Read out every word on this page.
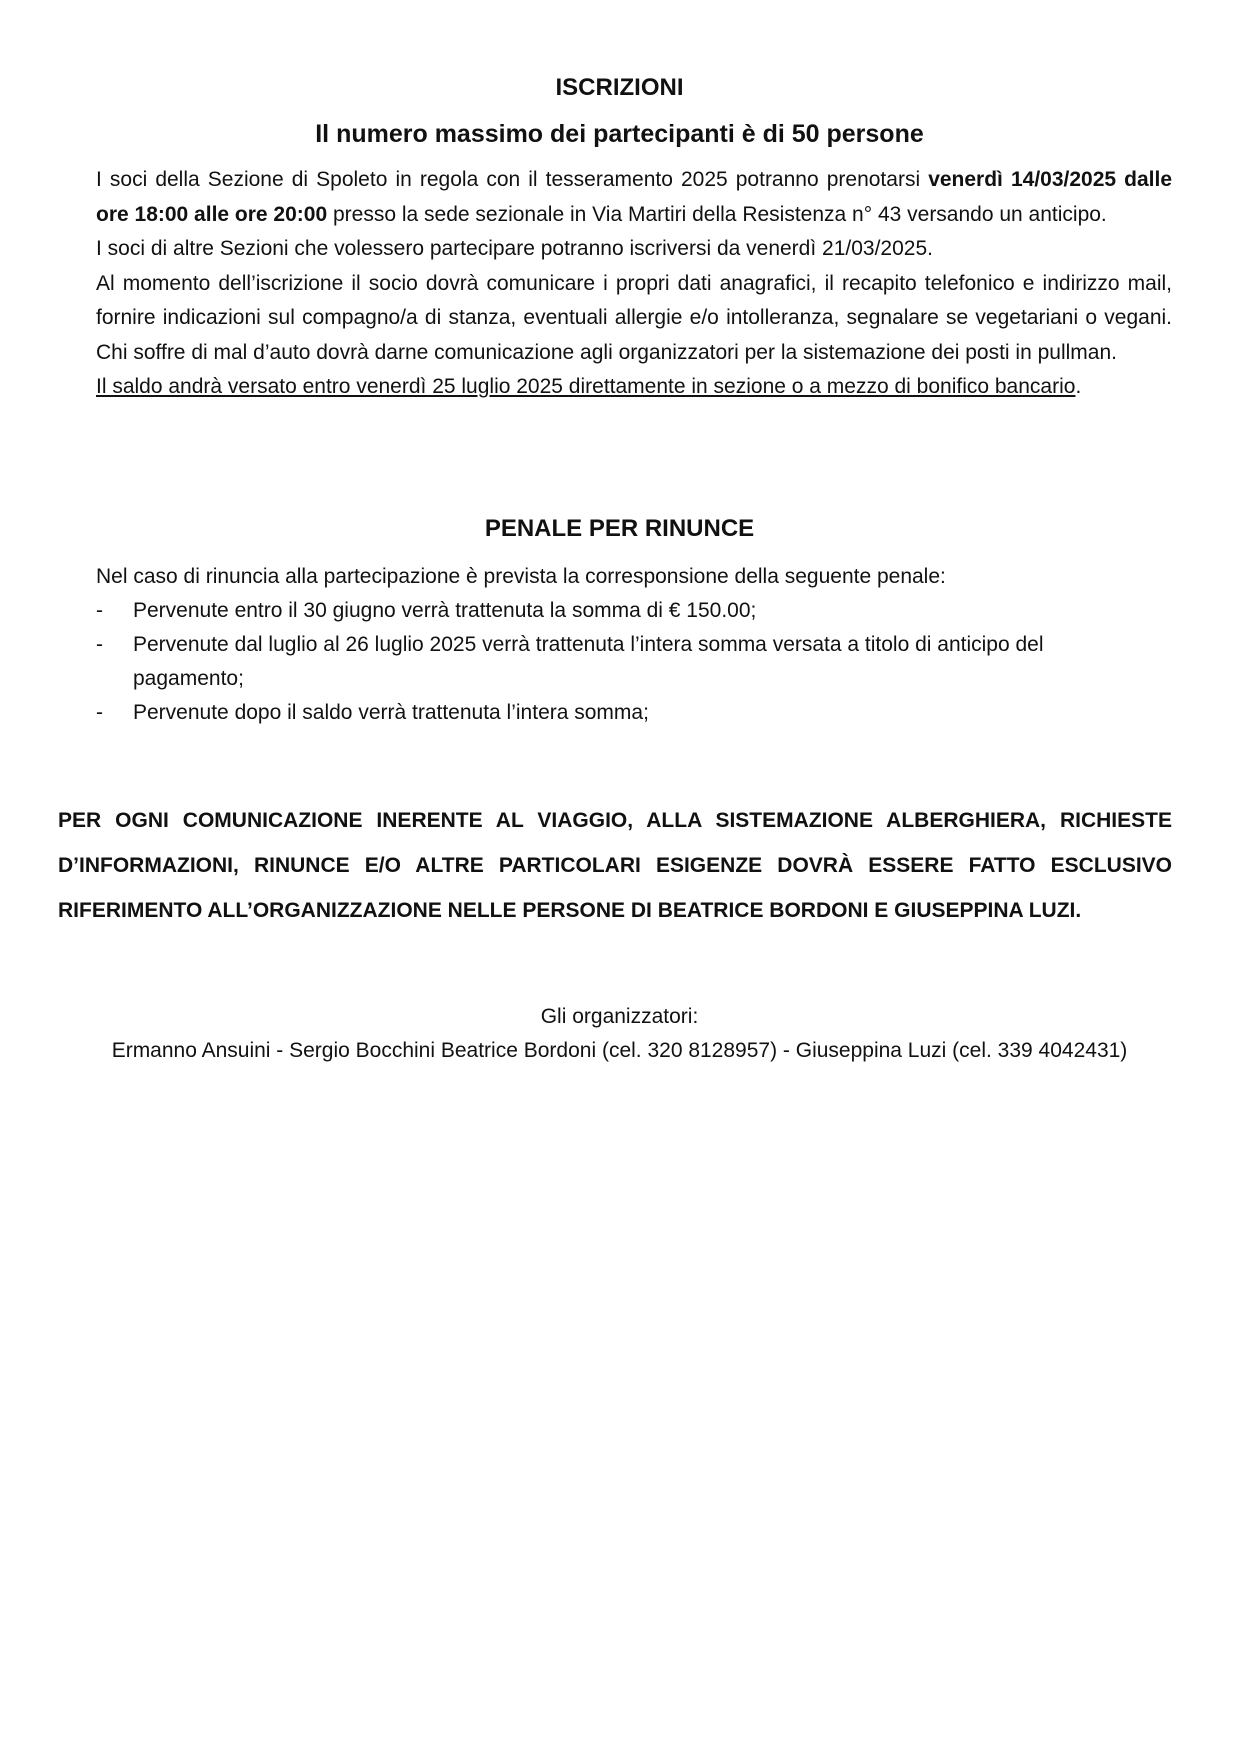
ISCRIZIONI
Il numero massimo dei partecipanti è di 50 persone

I soci della Sezione di Spoleto in regola con il tesseramento 2025 potranno prenotarsi venerdì 14/03/2025 dalle ore 18:00 alle ore 20:00 presso la sede sezionale in Via Martiri della Resistenza n° 43 versando un anticipo.

I soci di altre Sezioni che volessero partecipare potranno iscriversi da venerdì 21/03/2025.

Al momento dell’iscrizione il socio dovrà comunicare i propri dati anagrafici, il recapito telefonico e indirizzo mail, fornire indicazioni sul compagno/a di stanza, eventuali allergie e/o intolleranza, segnalare se vegetariani o vegani. Chi soffre di mal d’auto dovrà darne comunicazione agli organizzatori per la sistemazione dei posti in pullman.

Il saldo andrà versato entro venerdì 25 luglio 2025 direttamente in sezione o a mezzo di bonifico bancario.

PENALE PER RINUNCE

Nel caso di rinuncia alla partecipazione è prevista la corresponsione della seguente penale:

- Pervenute entro il 30 giugno verrà trattenuta la somma di € 150.00;
- Pervenute dal luglio al 26 luglio 2025 verrà trattenuta l’intera somma versata a titolo di anticipo del pagamento;
- Pervenute dopo il saldo verrà trattenuta l’intera somma;

PER OGNI COMUNICAZIONE INERENTE AL VIAGGIO, ALLA SISTEMAZIONE ALBERGHIERA, RICHIESTE D’INFORMAZIONI, RINUNCE E/O ALTRE PARTICOLARI ESIGENZE DOVRÀ ESSERE FATTO ESCLUSIVO RIFERIMENTO ALL’ORGANIZZAZIONE NELLE PERSONE DI BEATRICE BORDONI E GIUSEPPINA LUZI.

Gli organizzatori:
Ermanno Ansuini - Sergio Bocchini Beatrice Bordoni (cel. 320 8128957) - Giuseppina Luzi (cel. 339 4042431)
